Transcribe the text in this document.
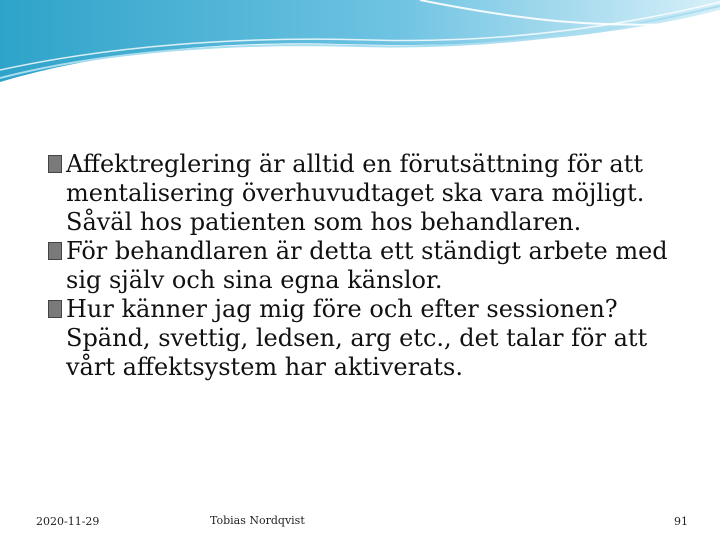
Affektreglering är alltid en förutsättning för att mentalisering överhuvudtaget ska vara möjligt. Såväl hos patienten som hos behandlaren.

För behandlaren är detta ett ständigt arbete med sig själv och sina egna känslor.

Hur känner jag mig före och efter sessionen? Spänd, svettig, ledsen, arg etc., det talar för att vårt affektsystem har aktiverats.

2020-11-29	Tobias Nordqvist	91
